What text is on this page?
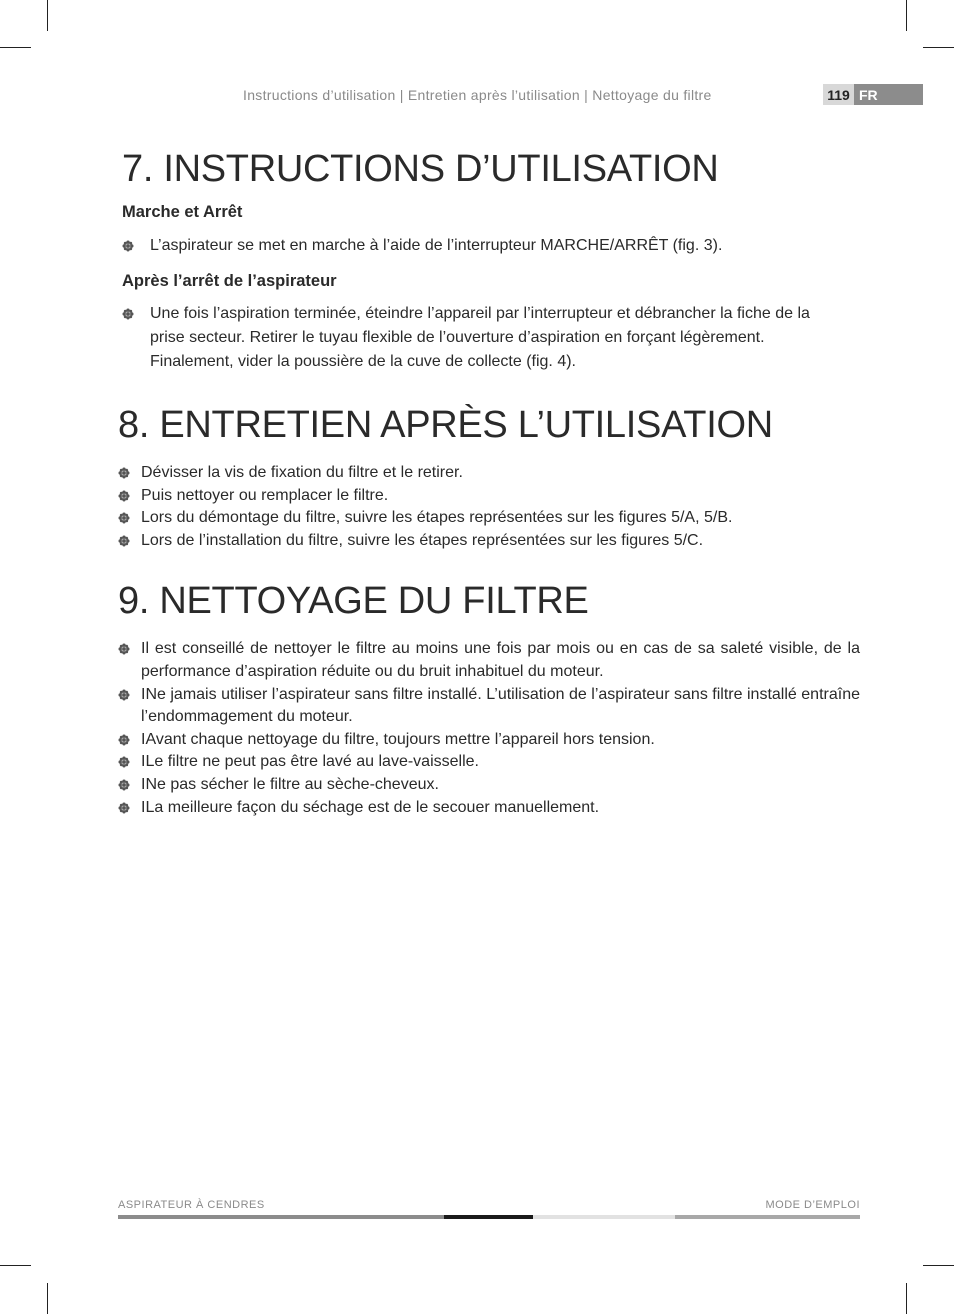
Instructions d’utilisation | Entretien après l’utilisation | Nettoyage du filtre	119 FR
7. INSTRUCTIONS D’UTILISATION
Marche et Arrêt
L’aspirateur se met en marche à l’aide de l’interrupteur MARCHE/ARRÊT (fig. 3).
Après l’arrêt de l’aspirateur
Une fois l’aspiration terminée, éteindre l’appareil par l’interrupteur et débrancher la fiche de la prise secteur. Retirer le tuyau flexible de l’ouverture d’aspiration en forçant légèrement. Finalement, vider la poussière de la cuve de collecte (fig. 4).
8. ENTRETIEN APRÈS L’UTILISATION
Dévisser la vis de fixation du filtre et le retirer.
Puis nettoyer ou remplacer le filtre.
Lors du démontage du filtre, suivre les étapes représentées sur les figures 5/A, 5/B.
Lors de l’installation du filtre, suivre les étapes représentées sur les figures 5/C.
9. NETTOYAGE DU FILTRE
Il est conseillé de nettoyer le filtre au moins une fois par mois ou en cas de sa saleté visible, de la performance d’aspiration réduite ou du bruit inhabituel du moteur.
INe jamais utiliser l’aspirateur sans filtre installé. L’utilisation de l’aspirateur sans filtre installé entraîne l’endommagement du moteur.
IAvant chaque nettoyage du filtre, toujours mettre l’appareil hors tension.
ILe filtre ne peut pas être lavé au lave-vaisselle.
INe pas sécher le filtre au sèche-cheveux.
ILa meilleure façon du séchage est de le secouer manuellement.
ASPIRATEUR À CENDRES	MODE D’EMPLOI
